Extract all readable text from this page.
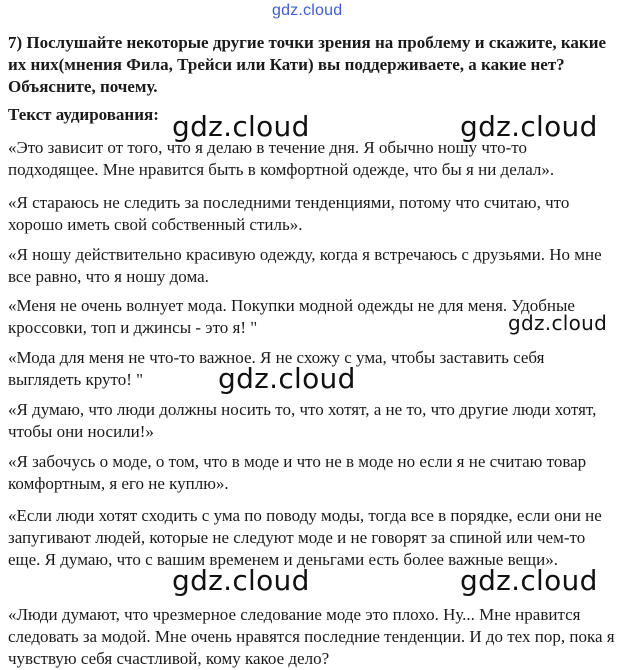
gdz.cloud
7) Послушайте некоторые другие точки зрения на проблему и скажите, какие их них(мнения Фила, Трейси или Кати) вы поддерживаете, а какие нет? Объясните, почему.
Текст аудирования:
«Это зависит от того, что я делаю в течение дня. Я обычно ношу что-то подходящее. Мне нравится быть в комфортной одежде, что бы я ни делал».
«Я стараюсь не следить за последними тенденциями, потому что считаю, что хорошо иметь свой собственный стиль».
«Я ношу действительно красивую одежду, когда я встречаюсь с друзьями. Но мне все равно, что я ношу дома.
«Меня не очень волнует мода. Покупки модной одежды не для меня. Удобные кроссовки, топ и джинсы - это я! "
«Мода для меня не что-то важное. Я не схожу с ума, чтобы заставить себя выглядеть круто! "
«Я думаю, что люди должны носить то, что хотят, а не то, что другие люди хотят, чтобы они носили!»
«Я забочусь о моде, о том, что в моде и что не в моде но если я не считаю товар комфортным, я его не куплю».
«Если люди хотят сходить с ума по поводу моды, тогда все в порядке, если они не запугивают людей, которые не следуют моде и не говорят за спиной или чем-то еще. Я думаю, что с вашим временем и деньгами есть более важные вещи».
«Люди думают, что чрезмерное следование моде это плохо. Ну... Мне нравится следовать за модой. Мне очень нравятся последние тенденции. И до тех пор, пока я чувствую себя счастливой, кому какое дело?
gdz.cloud	gdz.cloud
gdz.cloud
gdz.cloud
gdz.cloud	gdz.cloud
